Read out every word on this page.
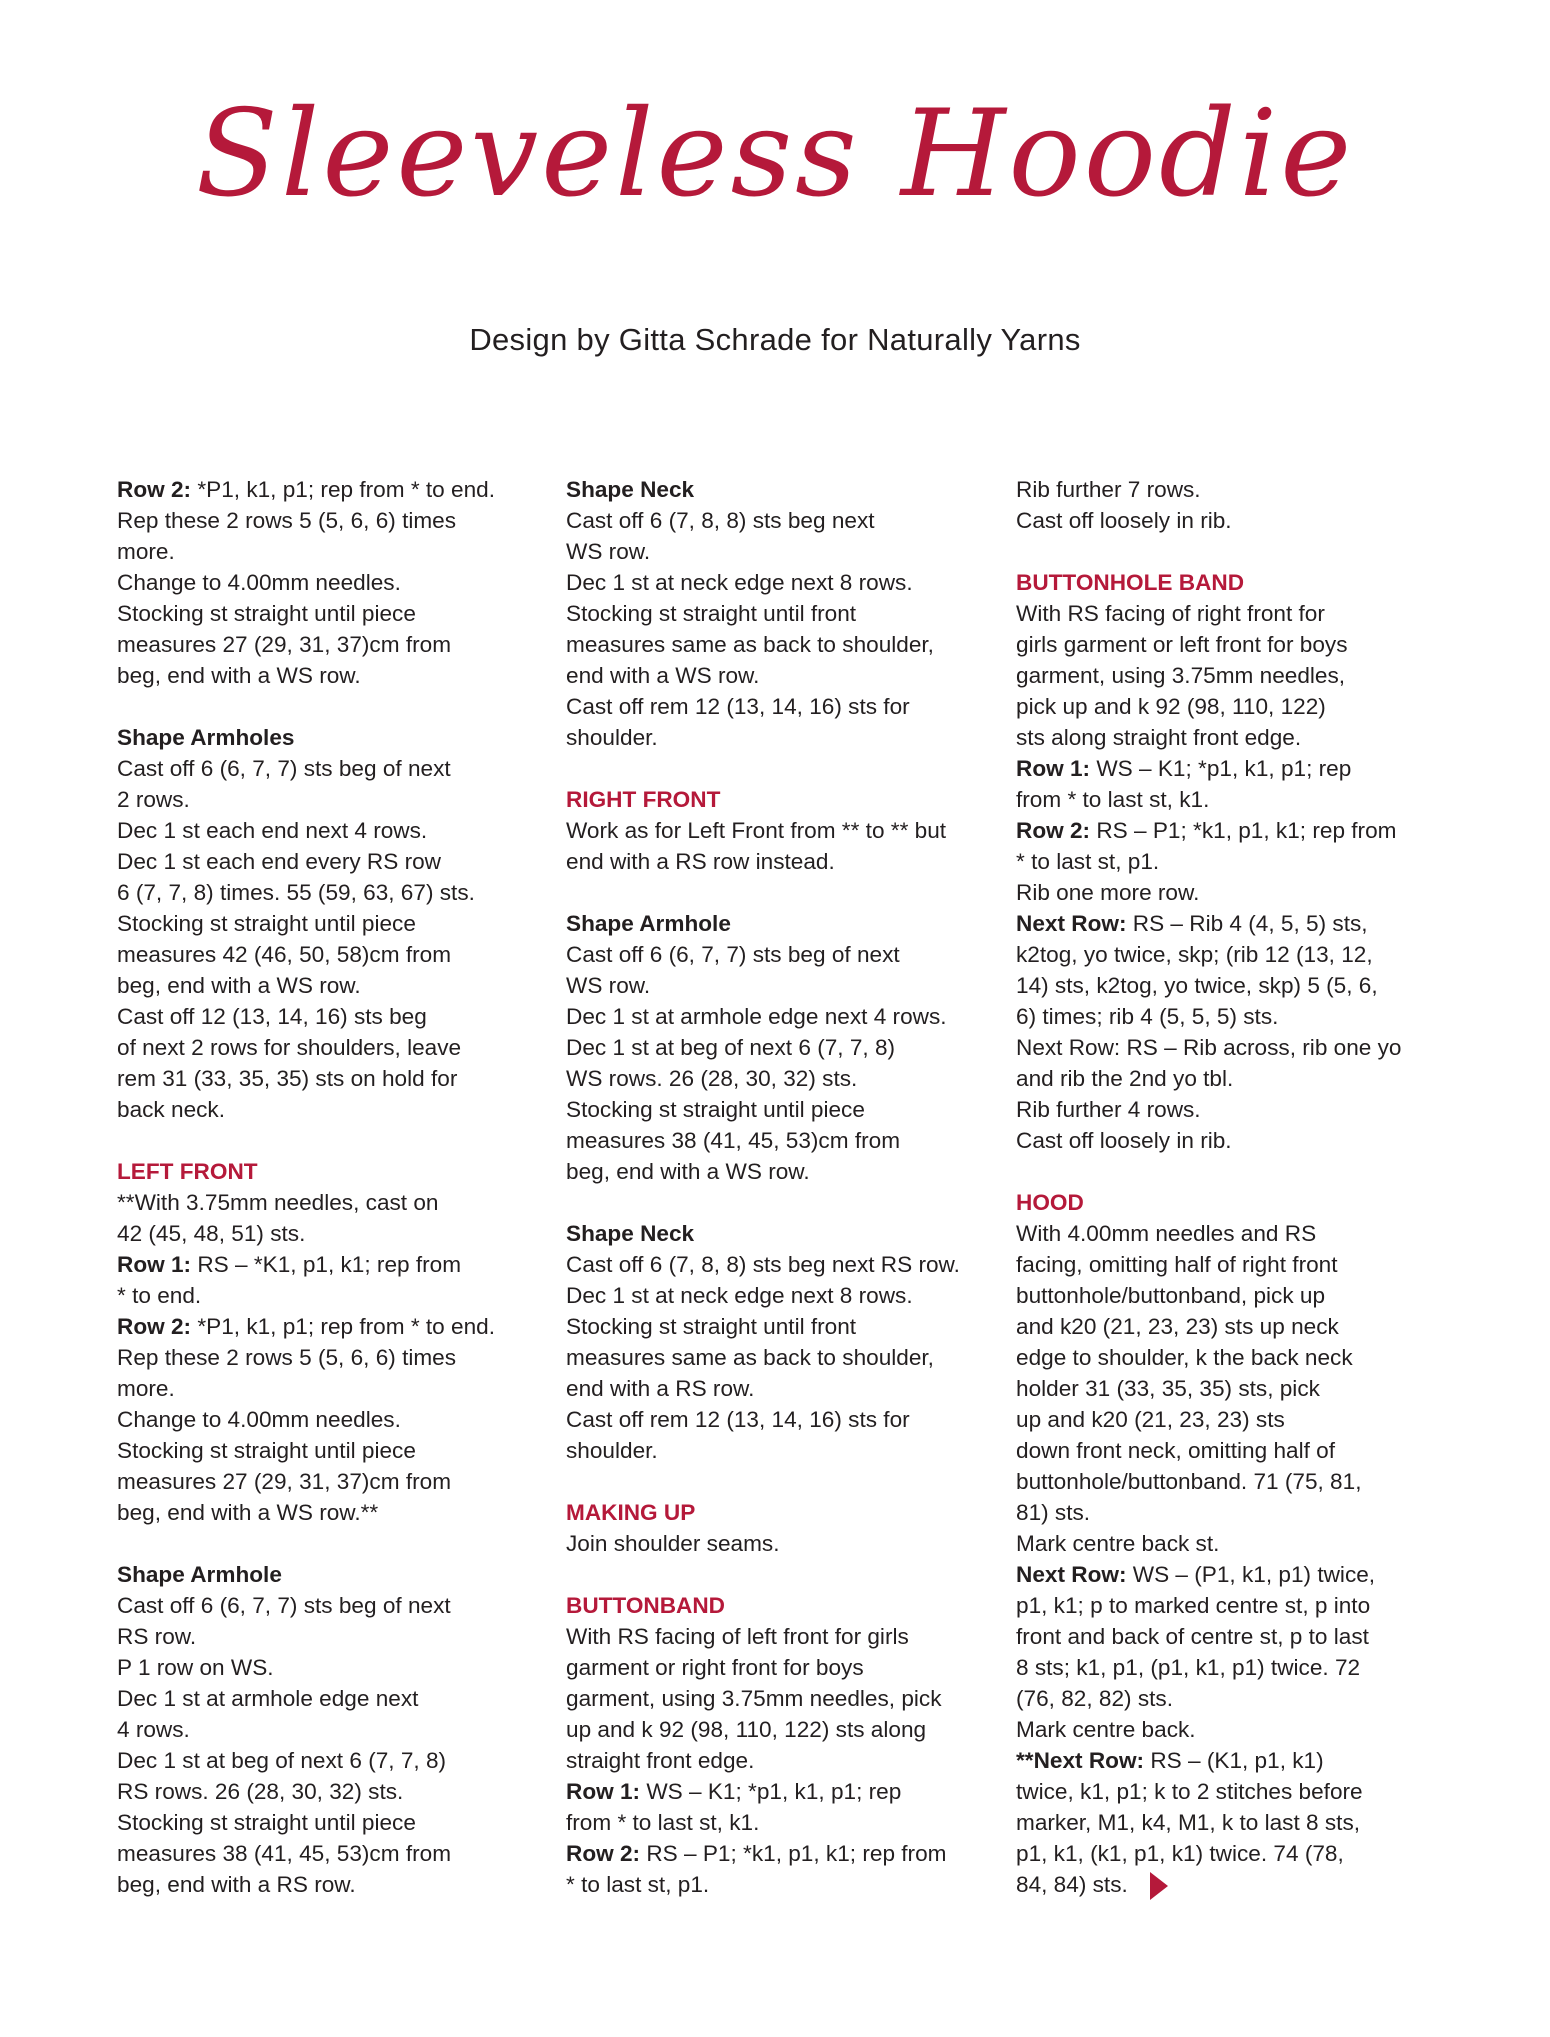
Sleeveless Hoodie
Design by Gitta Schrade for Naturally Yarns
Row 2: *P1, k1, p1; rep from * to end.
Rep these 2 rows 5 (5, 6, 6) times
more.
Change to 4.00mm needles.
Stocking st straight until piece
measures 27 (29, 31, 37)cm from
beg, end with a WS row.
Shape Armholes
Cast off 6 (6, 7, 7) sts beg of next
2 rows.
Dec 1 st each end next 4 rows.
Dec 1 st each end every RS row
6 (7, 7, 8) times. 55 (59, 63, 67) sts.
Stocking st straight until piece
measures 42 (46, 50, 58)cm from
beg, end with a WS row.
Cast off 12 (13, 14, 16) sts beg
of next 2 rows for shoulders, leave
rem 31 (33, 35, 35) sts on hold for
back neck.
LEFT FRONT
**With 3.75mm needles, cast on
42 (45, 48, 51) sts.
Row 1: RS – *K1, p1, k1; rep from
* to end.
Row 2: *P1, k1, p1; rep from * to end.
Rep these 2 rows 5 (5, 6, 6) times
more.
Change to 4.00mm needles.
Stocking st straight until piece
measures 27 (29, 31, 37)cm from
beg, end with a WS row.**
Shape Armhole
Cast off 6 (6, 7, 7) sts beg of next
RS row.
P 1 row on WS.
Dec 1 st at armhole edge next
4 rows.
Dec 1 st at beg of next 6 (7, 7, 8)
RS rows. 26 (28, 30, 32) sts.
Stocking st straight until piece
measures 38 (41, 45, 53)cm from
beg, end with a RS row.
Shape Neck
Cast off 6 (7, 8, 8) sts beg next
WS row.
Dec 1 st at neck edge next 8 rows.
Stocking st straight until front
measures same as back to shoulder,
end with a WS row.
Cast off rem 12 (13, 14, 16) sts for
shoulder.
RIGHT FRONT
Work as for Left Front from ** to ** but
end with a RS row instead.
Shape Armhole
Cast off 6 (6, 7, 7) sts beg of next
WS row.
Dec 1 st at armhole edge next 4 rows.
Dec 1 st at beg of next 6 (7, 7, 8)
WS rows. 26 (28, 30, 32) sts.
Stocking st straight until piece
measures 38 (41, 45, 53)cm from
beg, end with a WS row.
Shape Neck
Cast off 6 (7, 8, 8) sts beg next RS row.
Dec 1 st at neck edge next 8 rows.
Stocking st straight until front
measures same as back to shoulder,
end with a RS row.
Cast off rem 12 (13, 14, 16) sts for
shoulder.
MAKING UP
Join shoulder seams.
BUTTONBAND
With RS facing of left front for girls
garment or right front for boys
garment, using 3.75mm needles, pick
up and k 92 (98, 110, 122) sts along
straight front edge.
Row 1: WS – K1; *p1, k1, p1; rep
from * to last st, k1.
Row 2: RS – P1; *k1, p1, k1; rep from
* to last st, p1.
Rib further 7 rows.
Cast off loosely in rib.
BUTTONHOLE BAND
With RS facing of right front for
girls garment or left front for boys
garment, using 3.75mm needles,
pick up and k 92 (98, 110, 122)
sts along straight front edge.
Row 1: WS – K1; *p1, k1, p1; rep
from * to last st, k1.
Row 2: RS – P1; *k1, p1, k1; rep from
* to last st, p1.
Rib one more row.
Next Row: RS – Rib 4 (4, 5, 5) sts,
k2tog, yo twice, skp; (rib 12 (13, 12,
14) sts, k2tog, yo twice, skp) 5 (5, 6,
6) times; rib 4 (5, 5, 5) sts.
Next Row: RS – Rib across, rib one yo
and rib the 2nd yo tbl.
Rib further 4 rows.
Cast off loosely in rib.
HOOD
With 4.00mm needles and RS
facing, omitting half of right front
buttonhole/buttonband, pick up
and k20 (21, 23, 23) sts up neck
edge to shoulder, k the back neck
holder 31 (33, 35, 35) sts, pick
up and k20 (21, 23, 23) sts
down front neck, omitting half of
buttonhole/buttonband. 71 (75, 81,
81) sts.
Mark centre back st.
Next Row: WS – (P1, k1, p1) twice,
p1, k1; p to marked centre st, p into
front and back of centre st, p to last
8 sts; k1, p1, (p1, k1, p1) twice. 72
(76, 82, 82) sts.
Mark centre back.
**Next Row: RS – (K1, p1, k1)
twice, k1, p1; k to 2 stitches before
marker, M1, k4, M1, k to last 8 sts,
p1, k1, (k1, p1, k1) twice. 74 (78,
84, 84) sts.
